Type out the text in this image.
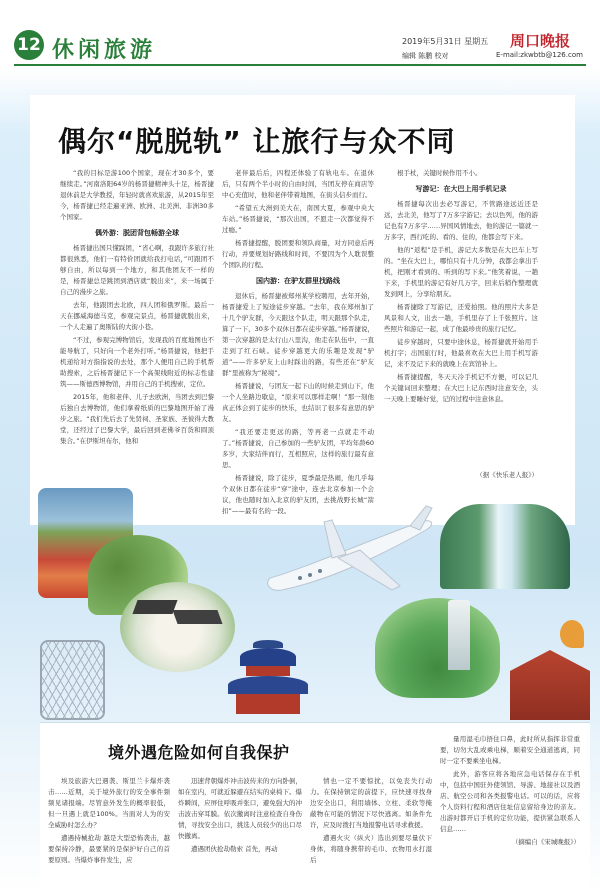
12 休闲旅游	2019年5月31日 星期五 周口晚报
编辑 陈鹏 校对	E-mail:zkwbtb@126.com
偶尔“脱脱轨” 让旅行与众不同

“我的目标是游100个国家，现在才30多个，要继续走。”河南洛阳64岁的杨晋捷精神头十足，杨晋捷退休前是大学教授，年轻时就喜欢旅游，从2015年至今，杨晋捷已经走遍亚洲、欧洲、北美洲、非洲30多个国家。

偶外游：脱团背包畅游全球

杨晋捷出国只懂踩团，“省心啊，我跟许多旅行社都很熟悉，他们一有特价团就给我打电话，”可跟团不够自由，所以每到一个地方，和其他团友不一样的是，杨晋捷总是跳团到酒店就“脱出来”，来一场属于自己的漫步之旅。

去年，他跟团去北欧，四人团和俄罗斯。最后一天在挪威海德马克，参观完景点，杨晋捷就脱出来，一个人走遍了奥斯陆的大街小巷。

“不过，参观完博物馆后，发现我的百度地图也不能导航了，只好向一个老外打听。”杨晋捷说，他把手机递给对方指指说的去处，那个人便用自己的手机帮助搜索，之后杨晋捷记下一个高架线附近的标志性建筑——斯德西博物馆，并用自己的手机搜索，定位。

2015年，他和老伴、儿子去欧洲，当团去到巴黎后独自去博物馆，他们拿着纸质的巴黎地图开始了漫步之旅。“我们先后去了先贤祠、圣家族、圣彼得大教堂，还经过了巴黎大学，最后回到老佛爷百货和圆顶集合。”在伊斯坦布尔，他和

老伴最后后，四程还体验了有轨电车。在退休后，只有两个半小时的自由时间，当团友停在商店等中心充值时，他和老伴带着地图，在街头信步而行。

“希望五大洲到美大在，南国大夏，参观中央大车站。”杨晋捷说，“那次出国，不愿走一次都觉得不过瘾。”

杨晋捷提醒，脱团要和领队商量，对方同意后再行动，并要规划好路线和时间，不要因为个人耽误整个团队的行程。

国内游：在驴友群里找路线

退休后，杨晋捷被郑州某学校聘用，去年开始，杨晋捷爱上了短途徒步穿越。“去年，我在郑州加了十几个驴友群，今天跟这个队走，明天跟那个队走，算了一下，30多个双休日都在徒步穿越。”杨晋捷说，第一次穿越的是太行山八里沟，他走在队伍中，一直走到了红石峡。徒步穿越更大的乐趣是发现“驴道”——许多驴友上山时踩出的路，有些还在“驴友群”里被称为“秘境”。

杨晋捷说，与团友一起下山的时候走到山下，他一个人坐路边歇息，“原来可以那样走啊！”那一刻他真正体会到了徒步的快乐，也结识了很多有意思的驴友。

“我还要走更远的路，等再老一点就走不动了。”杨晋捷说，自己参加的一些驴友团，平均年龄60多岁，大家结伴而行，互相照应，这样的旅行最有意思。

杨晋捷说，除了徒步，夏季最是热闹，他几乎每个双休日都在徒步“穿”途中，连去北京参加一个会议，他也随时加入北京的驴友团，去挑战野长城“箭扣”——最有名的一段。

根手杖，关键时候作用不小。

写游记：在大巴上用手机记录

杨晋捷每次出去必写游记，不管路途远近还是远，去北美，他写了7万多字游记；去以色列，他的游记也有7万多字……异国风情地去，他的游记一篇就一万多字，西行吃的、看的、住的，他都会写下来。

他的“返程”是手机，游记大多数是在大巴车上写的。“坐在大巴上，哪怕只有十几分钟，我都会拿出手机，把刚才看到的、听到的写下来。”他笑着说，一趟下来，手机里的游记有好几万字，回来后稍作整理就发到网上，分享给朋友。

杨晋捷除了写游记，还爱拍照。他的照片大多是风景和人文，出去一趟，手机里存了上千张照片。这些照片和游记一起，成了他最珍贵的旅行记忆。

徒步穿越时，只要中途休息，杨晋捷就开始用手机打字；出国旅行时，他最喜欢在大巴上用手机写游记，来不及记下来的就晚上在宾馆补上。

杨晋捷提醒，冬天天冷手机记不方便，可以记几个关键词回来整理；在大巴上记东西时注意安全，头一天晚上要睡好觉，记的过程中注意休息。

（据《快乐老人报》）
境外遇危险如何自我保护

埃及旅游大巴遇袭、斯里兰卡爆炸袭击……近期，关于境外旅行的安全事件频频见诸报端。尽管意外发生的概率很低，但一旦遇上就是100%。当面对人为的安全威胁时怎么办？

遭遇持械抢劫 越是大型恐怖袭击，越要保持冷静，最要紧的是保护好自己的首要原则。当爆炸事件发生，应

迅速背朝爆炸冲击波传来的方向卧倒，如在室内，可就近躲避在结实的桌椅下。爆炸瞬间，应屏住呼吸并张口，避免强大的冲击波击穿耳膜。依次撤离时注意检查自身伤情，寻找安全出口，挑选人员较少的出口尽快撤离。

遭遇团伙抢劫勒索 首先，再动

情也一定不要惊扰，以免丧失行动力。在保持镇定的前提下，应快速寻找身边安全出口，利用墙体、立柱、柔软等掩蔽物在可能的情况下尽快逃离。如条件允许，应及时拨打当地报警电话寻求救援。

遭遇火灾（纵火）选出到要尽量伏下身体，将随身携带的毛巾、衣物用水打湿后

量用湿毛巾捂住口鼻，此时所从指挥非常重要，切勿大乱或乘电梯，顺着安全通道逃离，同时一定不要乘坐电梯。

此外，游客应将各地应急电话保存在手机中，包括中国驻外使领馆、导游、地接社以及酒店、航空公司和各类报警电话。可以的话，应将个人资料行程和酒店住址信息留给身边的亲友。出游时都开启手机的定位功能，提供紧急联系人信息……

（摘编自《宋城晚报》）
